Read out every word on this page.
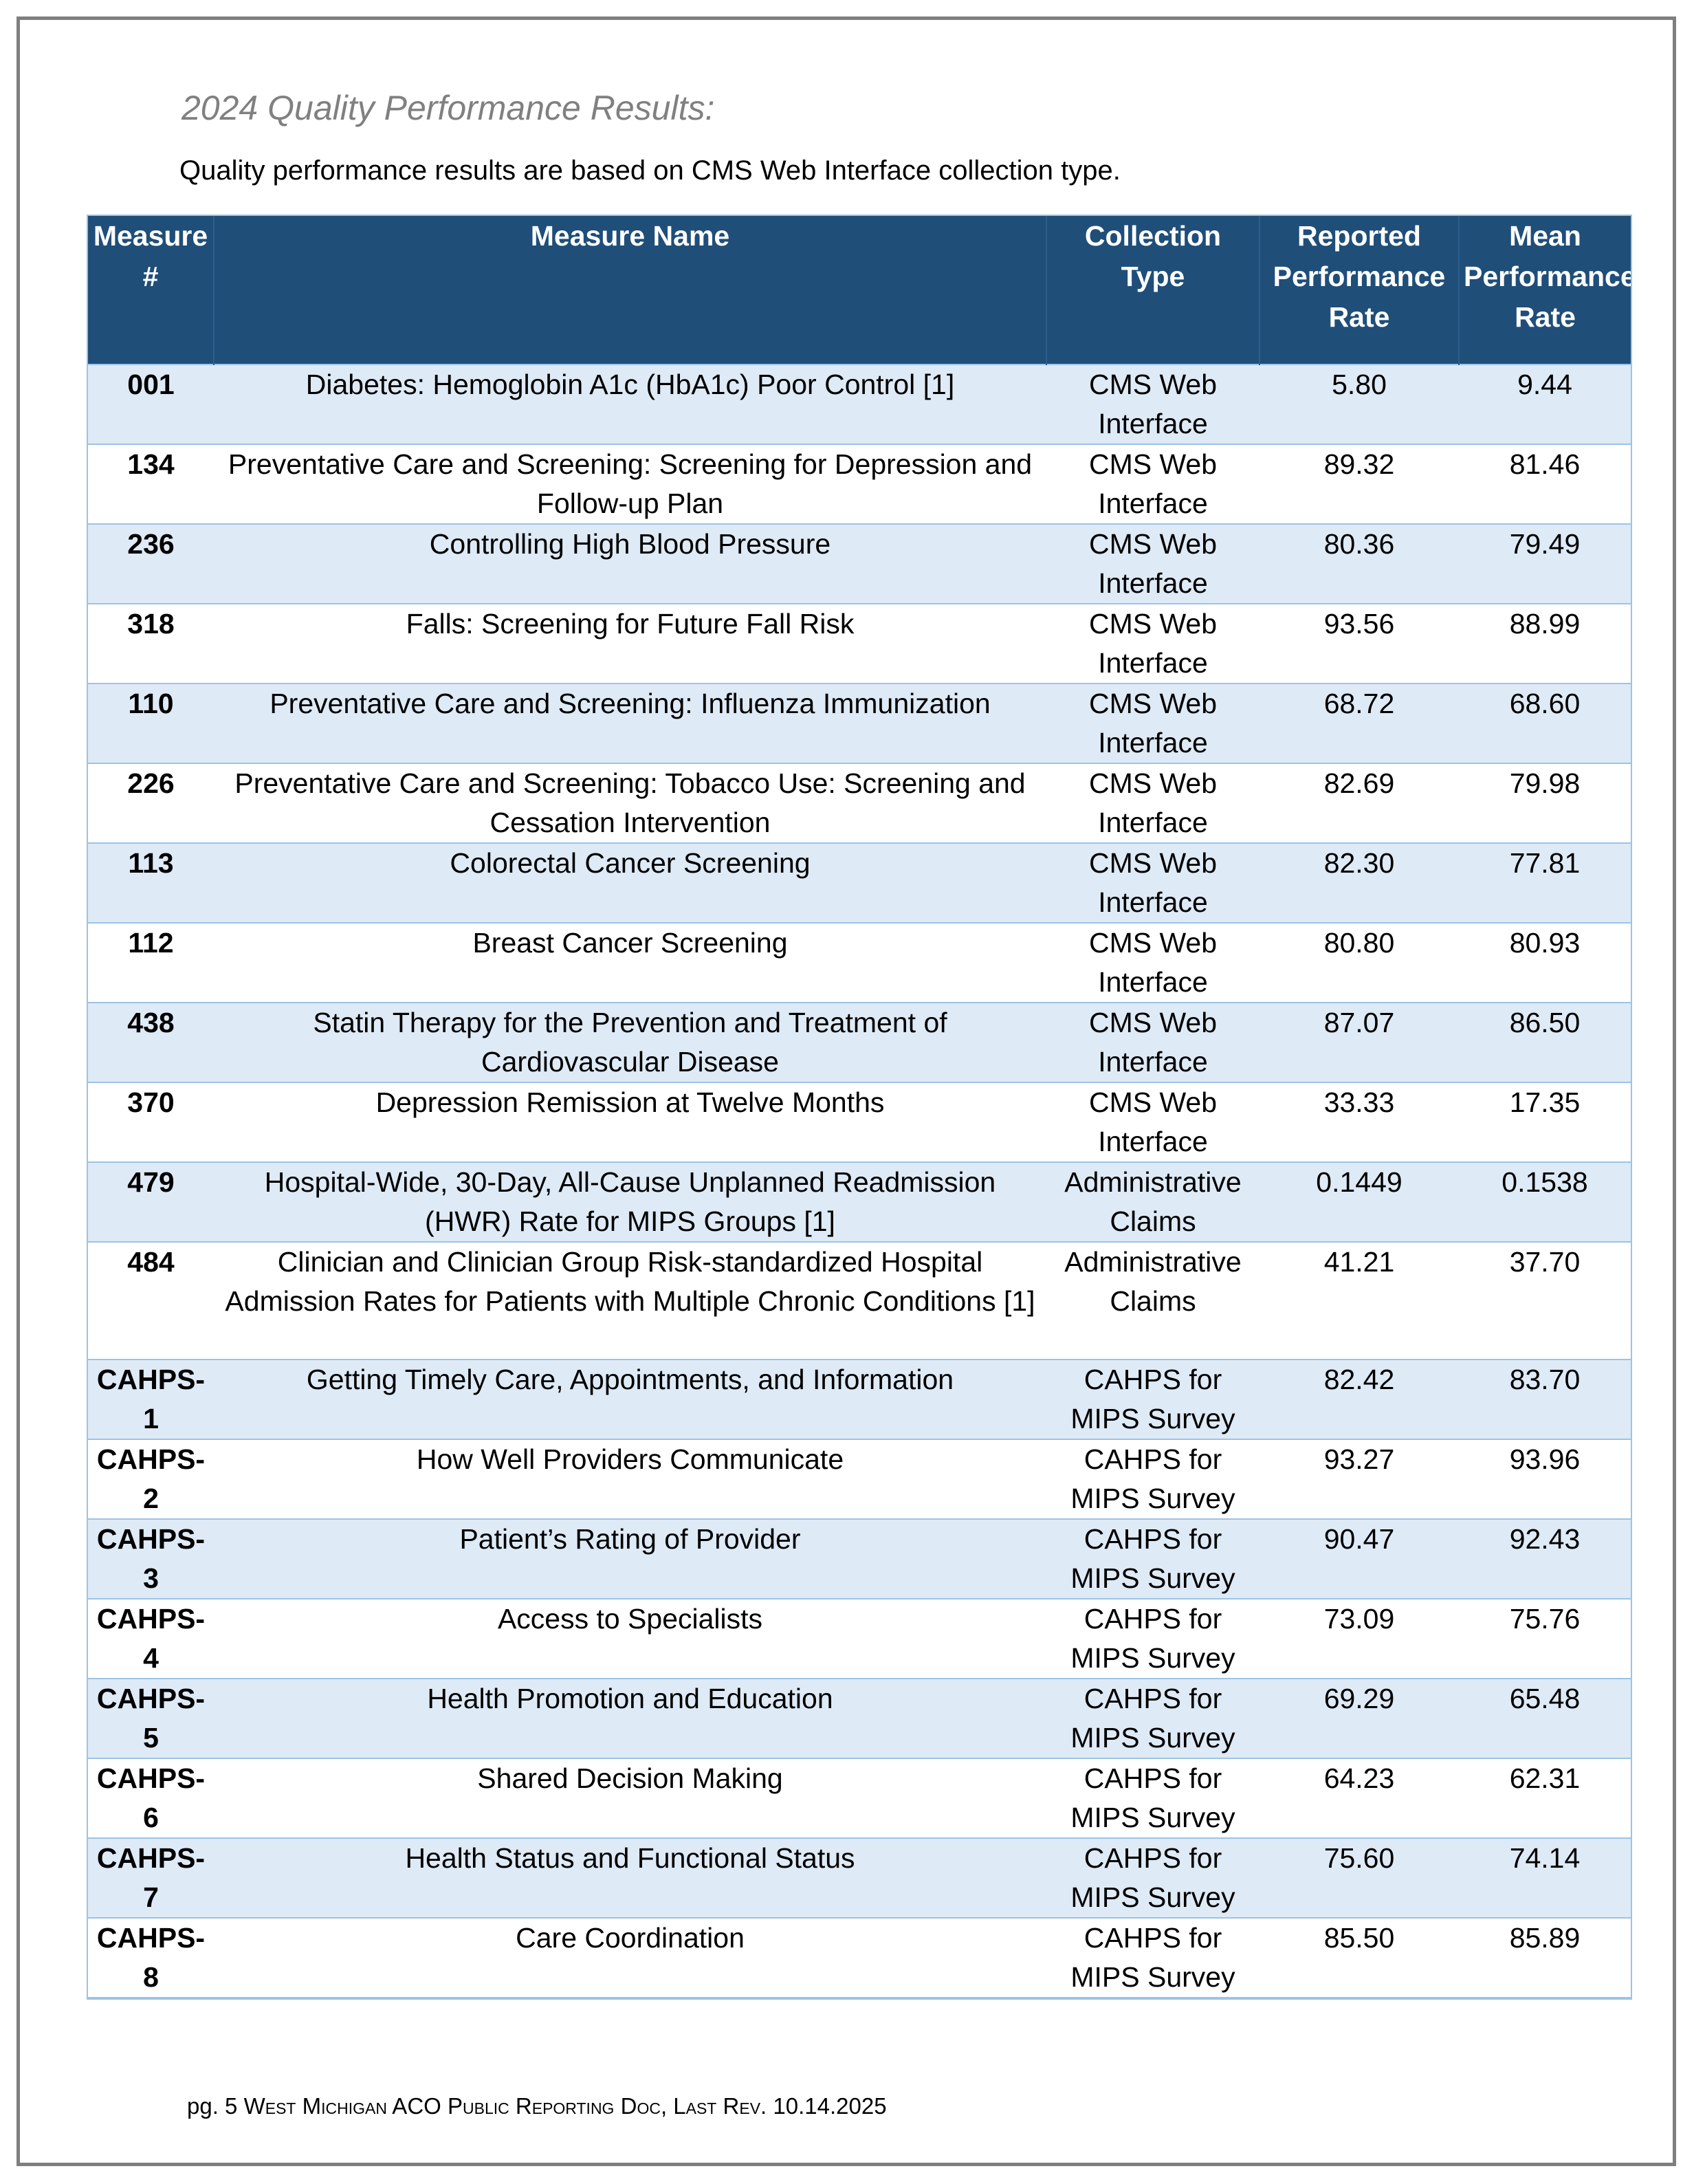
2024 Quality Performance Results:

Quality performance results are based on CMS Web Interface collection type.

Measure #	Measure Name	Collection Type	Reported Performance Rate	Mean Performance Rate
001	Diabetes: Hemoglobin A1c (HbA1c) Poor Control [1]	CMS Web Interface	5.80	9.44
134	Preventative Care and Screening: Screening for Depression and Follow-up Plan	CMS Web Interface	89.32	81.46
236	Controlling High Blood Pressure	CMS Web Interface	80.36	79.49
318	Falls: Screening for Future Fall Risk	CMS Web Interface	93.56	88.99
110	Preventative Care and Screening: Influenza Immunization	CMS Web Interface	68.72	68.60
226	Preventative Care and Screening: Tobacco Use: Screening and Cessation Intervention	CMS Web Interface	82.69	79.98
113	Colorectal Cancer Screening	CMS Web Interface	82.30	77.81
112	Breast Cancer Screening	CMS Web Interface	80.80	80.93
438	Statin Therapy for the Prevention and Treatment of Cardiovascular Disease	CMS Web Interface	87.07	86.50
370	Depression Remission at Twelve Months	CMS Web Interface	33.33	17.35
479	Hospital-Wide, 30-Day, All-Cause Unplanned Readmission (HWR) Rate for MIPS Groups [1]	Administrative Claims	0.1449	0.1538
484	Clinician and Clinician Group Risk-standardized Hospital Admission Rates for Patients with Multiple Chronic Conditions [1]	Administrative Claims	41.21	37.70
CAHPS-1	Getting Timely Care, Appointments, and Information	CAHPS for MIPS Survey	82.42	83.70
CAHPS-2	How Well Providers Communicate	CAHPS for MIPS Survey	93.27	93.96
CAHPS-3	Patient’s Rating of Provider	CAHPS for MIPS Survey	90.47	92.43
CAHPS-4	Access to Specialists	CAHPS for MIPS Survey	73.09	75.76
CAHPS-5	Health Promotion and Education	CAHPS for MIPS Survey	69.29	65.48
CAHPS-6	Shared Decision Making	CAHPS for MIPS Survey	64.23	62.31
CAHPS-7	Health Status and Functional Status	CAHPS for MIPS Survey	75.60	74.14
CAHPS-8	Care Coordination	CAHPS for MIPS Survey	85.50	85.89
pg. 5 West Michigan ACO Public Reporting Doc, Last Rev. 10.14.2025
